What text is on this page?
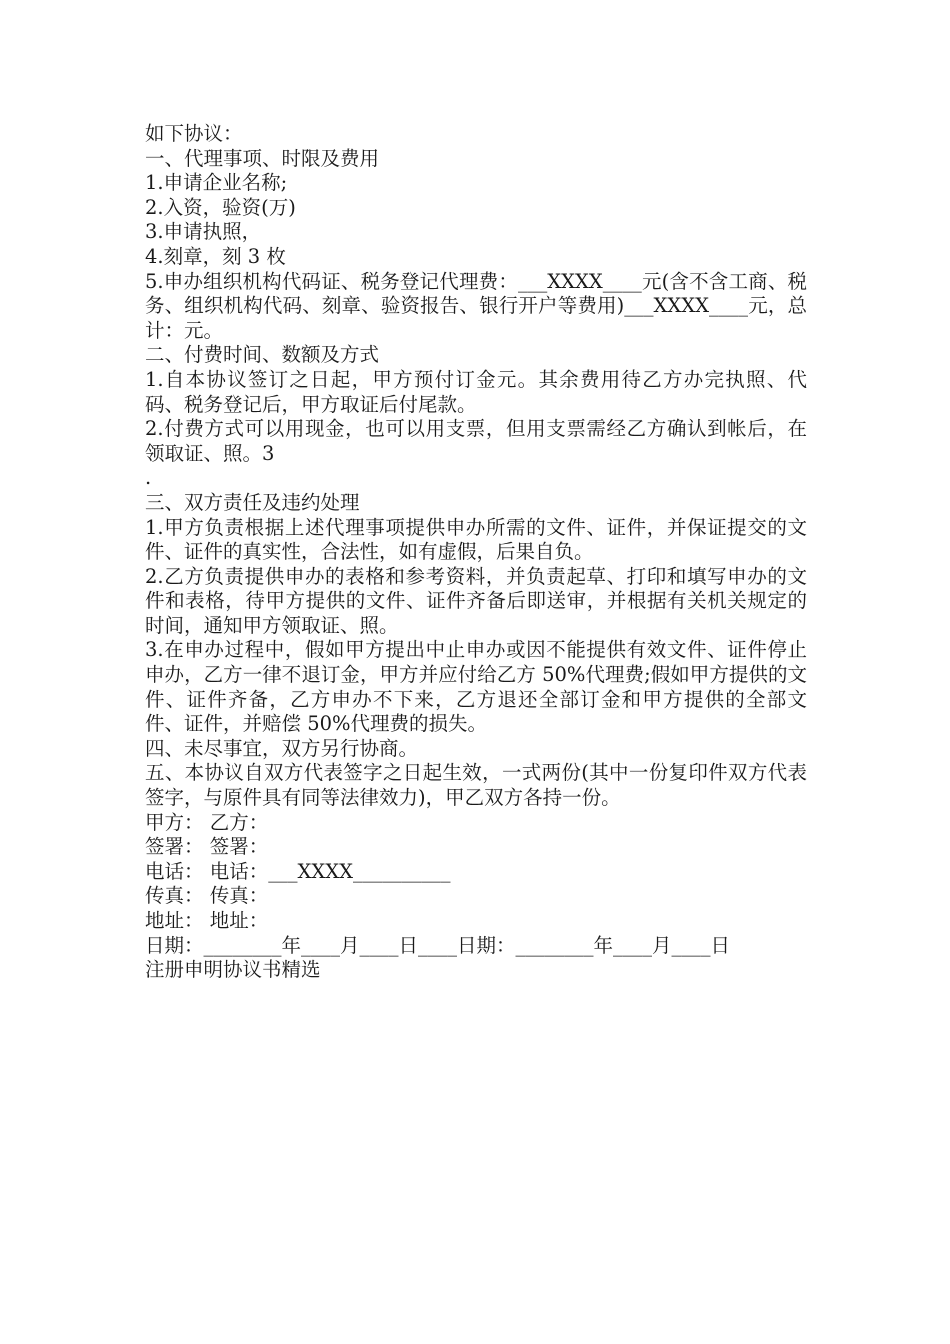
如下协议：
一、代理事项、时限及费用
1.申请企业名称;
2.入资，验资(万)
3.申请执照，
4.刻章，刻 3 枚
5.申办组织机构代码证、税务登记代理费：___XXXX____元(含不含工商、税务、组织机构代码、刻章、验资报告、银行开户等费用)___XXXX____元，总计：元。
二、付费时间、数额及方式
1.自本协议签订之日起，甲方预付订金元。其余费用待乙方办完执照、代码、税务登记后，甲方取证后付尾款。
2.付费方式可以用现金，也可以用支票，但用支票需经乙方确认到帐后，在领取证、照。3
.
三、双方责任及违约处理
1.甲方负责根据上述代理事项提供申办所需的文件、证件，并保证提交的文件、证件的真实性，合法性，如有虚假，后果自负。
2.乙方负责提供申办的表格和参考资料，并负责起草、打印和填写申办的文件和表格，待甲方提供的文件、证件齐备后即送审，并根据有关机关规定的时间，通知甲方领取证、照。
3.在申办过程中，假如甲方提出中止申办或因不能提供有效文件、证件停止申办，乙方一律不退订金，甲方并应付给乙方 50%代理费;假如甲方提供的文件、证件齐备，乙方申办不下来，乙方退还全部订金和甲方提供的全部文件、证件，并赔偿 50%代理费的损失。
四、未尽事宜，双方另行协商。
五、本协议自双方代表签字之日起生效，一式两份(其中一份复印件双方代表签字，与原件具有同等法律效力)，甲乙双方各持一份。
甲方： 乙方：
签署： 签署：
电话： 电话：___XXXX__________
传真： 传真：
地址： 地址：
日期：________年____月____日____日期：________年____月____日
注册申明协议书精选
